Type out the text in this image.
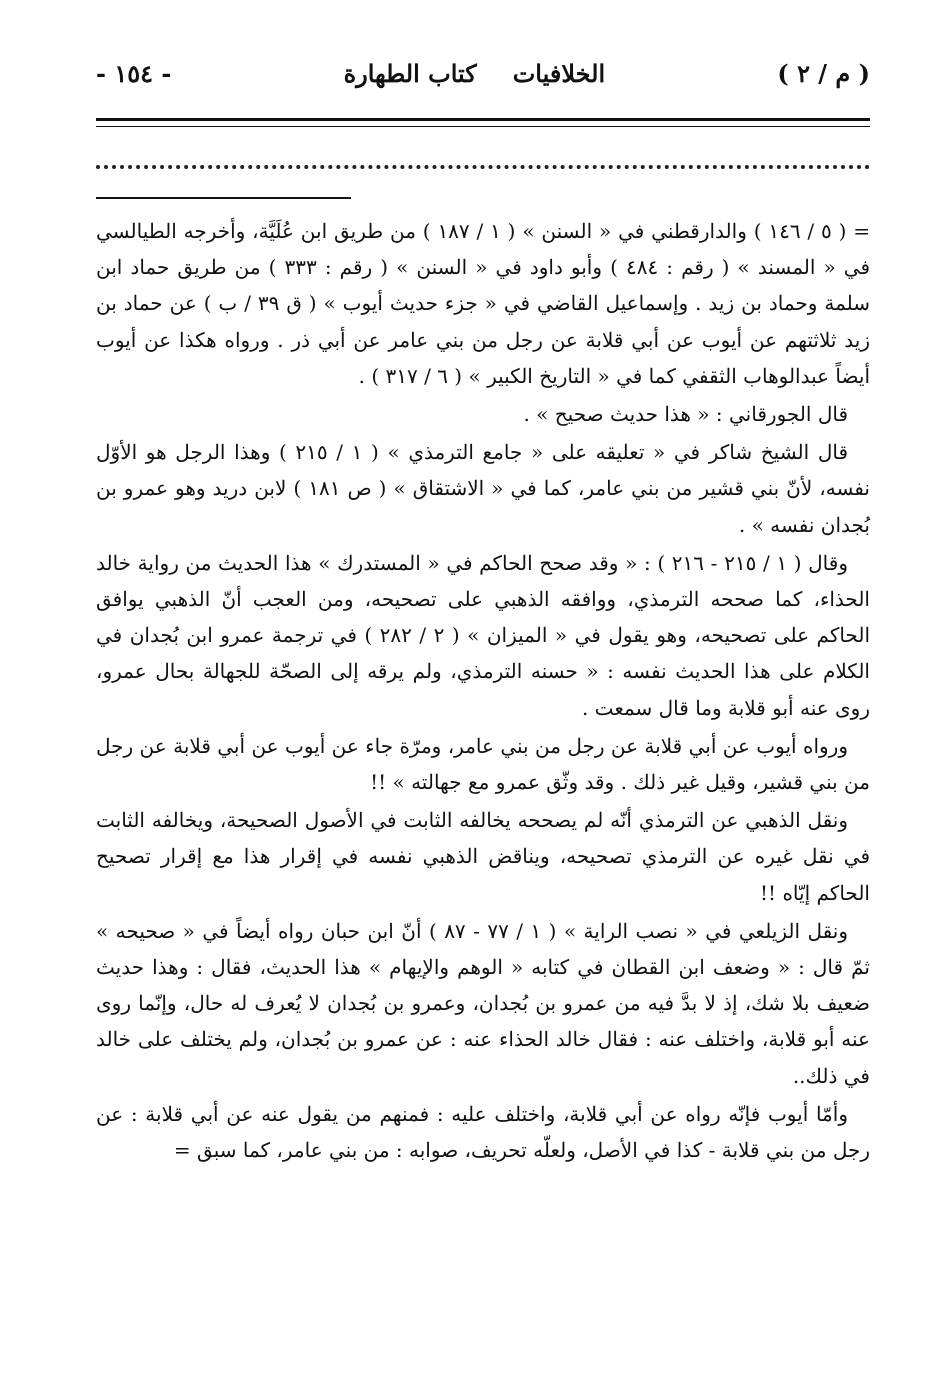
( م / ٢ )
الخلافيات
كتاب الطهارة
- ١٥٤ -

= ( ٥ / ١٤٦ ) والدارقطني في « السنن » ( ١ / ١٨٧ ) من طريق ابن عُلَيَّة، وأخرجه الطيالسي في « المسند » ( رقم : ٤٨٤ ) وأبو داود في « السنن » ( رقم : ٣٣٣ ) من طريق حماد ابن سلمة وحماد بن زيد . وإسماعيل القاضي في « جزء حديث أيوب » ( ق ٣٩ / ب ) عن حماد بن زيد ثلاثتهم عن أيوب عن أبي قلابة عن رجل من بني عامر عن أبي ذر . ورواه هكذا عن أيوب أيضاً عبدالوهاب الثقفي كما في « التاريخ الكبير » ( ٦ / ٣١٧ ) .

قال الجورقاني : « هذا حديث صحيح » .

قال الشيخ شاكر في « تعليقه على « جامع الترمذي » ( ١ / ٢١٥ ) وهذا الرجل هو الأوّل نفسه، لأنّ بني قشير من بني عامر، كما في « الاشتقاق » ( ص ١٨١ ) لابن دريد وهو عمرو بن بُجدان نفسه » .

وقال ( ١ / ٢١٥ - ٢١٦ ) : « وقد صحح الحاكم في « المستدرك » هذا الحديث من رواية خالد الحذاء، كما صححه الترمذي، ووافقه الذهبي على تصحيحه، ومن العجب أنّ الذهبي يوافق الحاكم على تصحيحه، وهو يقول في « الميزان » ( ٢ / ٢٨٢ ) في ترجمة عمرو ابن بُجدان في الكلام على هذا الحديث نفسه : « حسنه الترمذي، ولم يرقه إلى الصحّة للجهالة بحال عمرو، روى عنه أبو قلابة وما قال سمعت .

ورواه أيوب عن أبي قلابة عن رجل من بني عامر، ومرّة جاء عن أيوب عن أبي قلابة عن رجل من بني قشير، وقيل غير ذلك . وقد وثّق عمرو مع جهالته » !!

ونقل الذهبي عن الترمذي أنّه لم يصححه يخالفه الثابت في الأصول الصحيحة، ويخالفه الثابت في نقل غيره عن الترمذي تصحيحه، ويناقض الذهبي نفسه في إقرار هذا مع إقرار تصحيح الحاكم إيّاه !!

ونقل الزيلعي في « نصب الراية » ( ١ / ٧٧ - ٨٧ ) أنّ ابن حبان رواه أيضاً في « صحيحه » ثمّ قال : « وضعف ابن القطان في كتابه « الوهم والإيهام » هذا الحديث، فقال : وهذا حديث ضعيف بلا شك، إذ لا بدَّ فيه من عمرو بن بُجدان، وعمرو بن بُجدان لا يُعرف له حال، وإنّما روى عنه أبو قلابة، واختلف عنه : فقال خالد الحذاء عنه : عن عمرو بن بُجدان، ولم يختلف على خالد في ذلك..

وأمّا أيوب فإنّه رواه عن أبي قلابة، واختلف عليه : فمنهم من يقول عنه عن أبي قلابة : عن رجل من بني قلابة - كذا في الأصل، ولعلّه تحريف، صوابه : من بني عامر، كما سبق =
